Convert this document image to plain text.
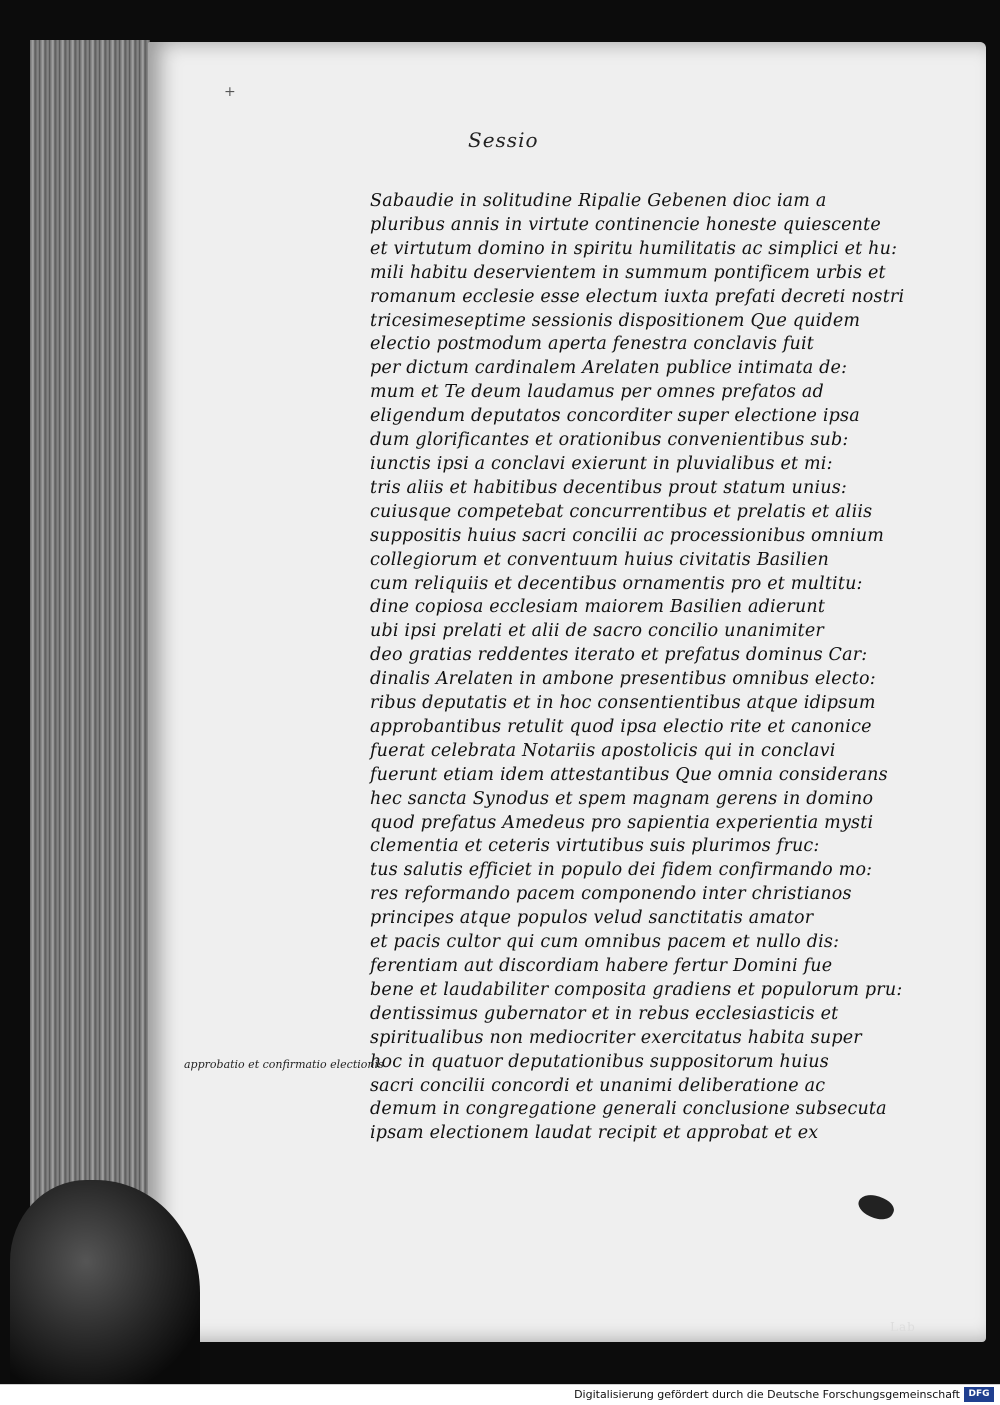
+
Sessio
Sabaudie in solitudine Ripalie Gebenen dioc iam a
pluribus annis in virtute continencie honeste quiescente
et virtutum domino in spiritu humilitatis ac simplici et hu:
mili habitu deservientem in summum pontificem urbis et
romanum ecclesie esse electum iuxta prefati decreti nostri
tricesimeseptime sessionis dispositionem Que quidem
electio postmodum aperta fenestra conclavis fuit
per dictum cardinalem Arelaten publice intimata de:
mum et Te deum laudamus per omnes prefatos ad
eligendum deputatos concorditer super electione ipsa
dum glorificantes et orationibus convenientibus sub:
iunctis ipsi a conclavi exierunt in pluvialibus et mi:
tris aliis et habitibus decentibus prout statum unius:
cuiusque competebat concurrentibus et prelatis et aliis
suppositis huius sacri concilii ac processionibus omnium
collegiorum et conventuum huius civitatis Basilien
cum reliquiis et decentibus ornamentis pro et multitu:
dine copiosa ecclesiam maiorem Basilien adierunt
ubi ipsi prelati et alii de sacro concilio unanimiter
deo gratias reddentes iterato et prefatus dominus Car:
dinalis Arelaten in ambone presentibus omnibus electo:
ribus deputatis et in hoc consentientibus atque idipsum
approbantibus retulit quod ipsa electio rite et canonice
fuerat celebrata Notariis apostolicis qui in conclavi
fuerunt etiam idem attestantibus Que omnia considerans
hec sancta Synodus et spem magnam gerens in domino
quod prefatus Amedeus pro sapientia experientia mysti
clementia et ceteris virtutibus suis plurimos fruc:
tus salutis efficiet in populo dei fidem confirmando mo:
res reformando pacem componendo inter christianos
principes atque populos velud sanctitatis amator
et pacis cultor qui cum omnibus pacem et nullo dis:
ferentiam aut discordiam habere fertur Domini fue
bene et laudabiliter composita gradiens et populorum pru:
dentissimus gubernator et in rebus ecclesiasticis et
spiritualibus non mediocriter exercitatus habita super
hoc in quatuor deputationibus suppositorum huius
sacri concilii concordi et unanimi deliberatione ac
demum in congregatione generali conclusione subsecuta
ipsam electionem laudat recipit et approbat et ex
approbatio et confirmatio electionis
Lab
Digitalisierung gefördert durch die Deutsche Forschungsgemeinschaft DFG
